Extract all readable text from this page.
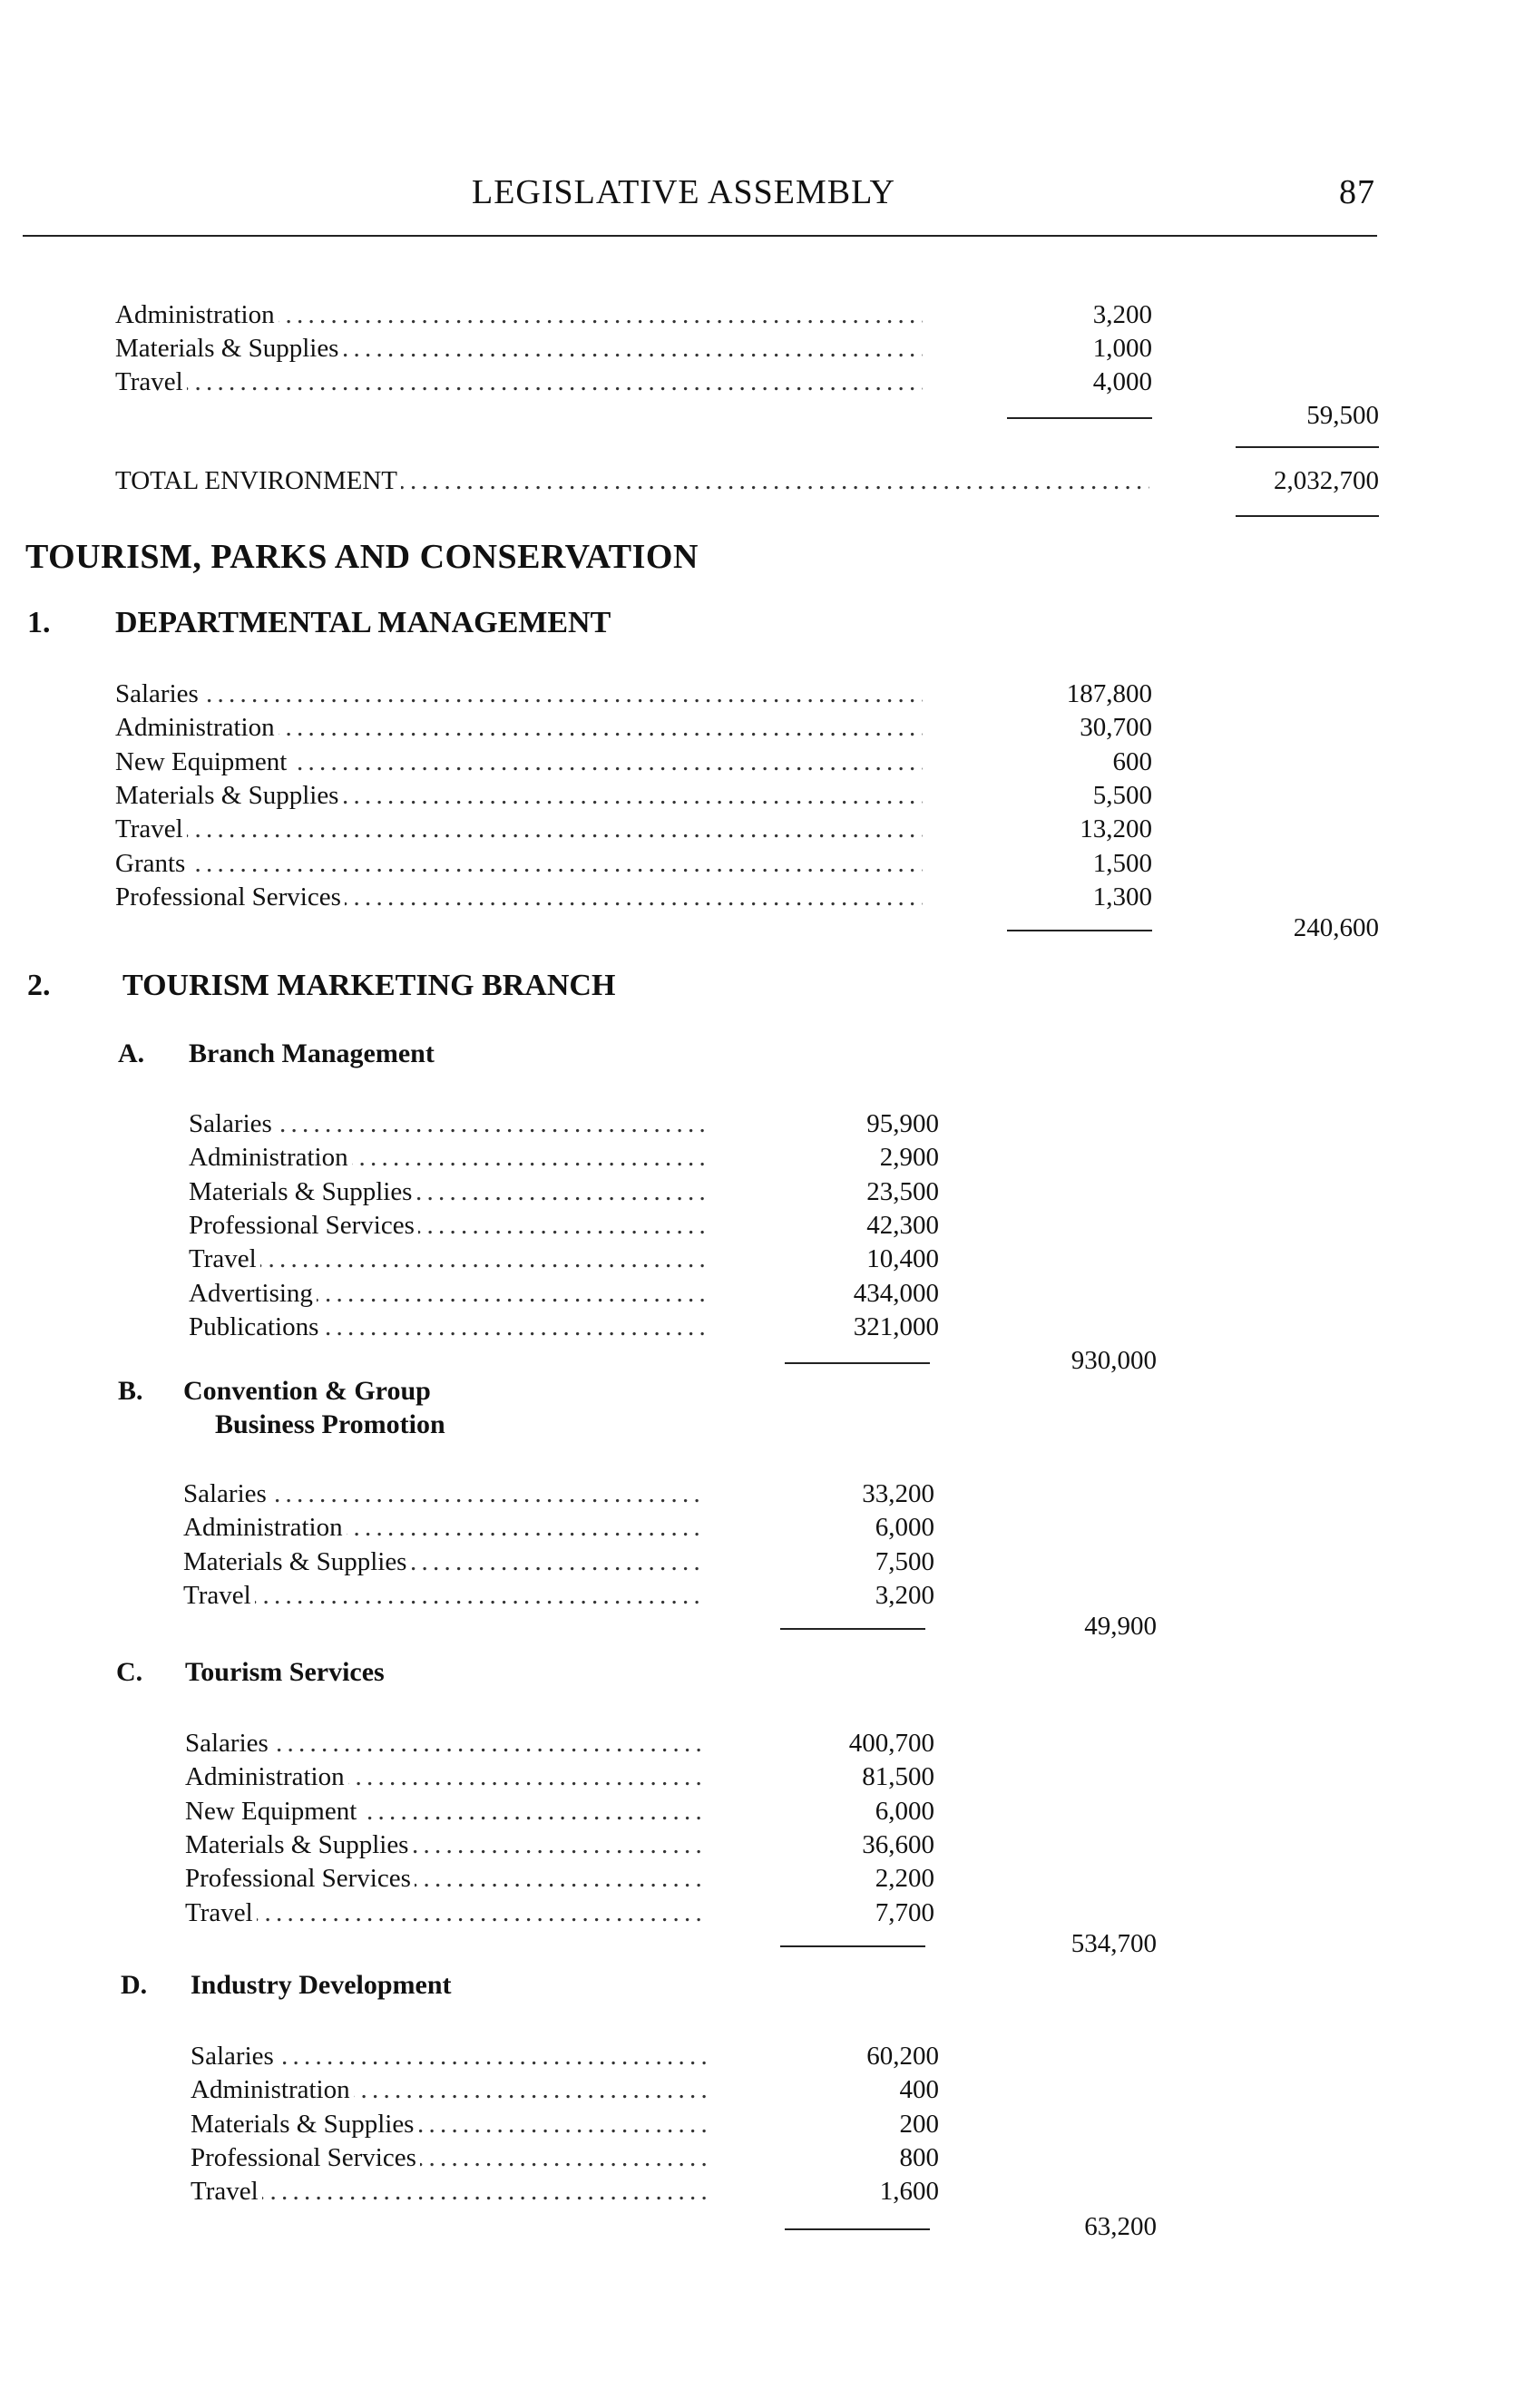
LEGISLATIVE ASSEMBLY	87
Administration . . .	3,200
Materials & Supplies . . .	1,000
Travel . . .	4,000
59,500
TOTAL ENVIRONMENT . . .	2,032,700
TOURISM, PARKS AND CONSERVATION
1. DEPARTMENTAL MANAGEMENT
Salaries . . .	187,800
Administration . . .	30,700
New Equipment . . .	600
Materials & Supplies . . .	5,500
Travel . . .	13,200
Grants . . .	1,500
Professional Services . . .	1,300
240,600
2. TOURISM MARKETING BRANCH
A. Branch Management
Salaries . . .	95,900
Administration . . .	2,900
Materials & Supplies . . .	23,500
Professional Services . . .	42,300
Travel . . .	10,400
Advertising . . .	434,000
Publications . . .	321,000
930,000
B. Convention & Group
Business Promotion
Salaries . . .	33,200
Administration . . .	6,000
Materials & Supplies . . .	7,500
Travel . . .	3,200
49,900
C. Tourism Services
Salaries . . .	400,700
Administration . . .	81,500
New Equipment . . .	6,000
Materials & Supplies . . .	36,600
Professional Services . . .	2,200
Travel . . .	7,700
534,700
D. Industry Development
Salaries . . .	60,200
Administration . . .	400
Materials & Supplies . . .	200
Professional Services . . .	800
Travel . . .	1,600
63,200
